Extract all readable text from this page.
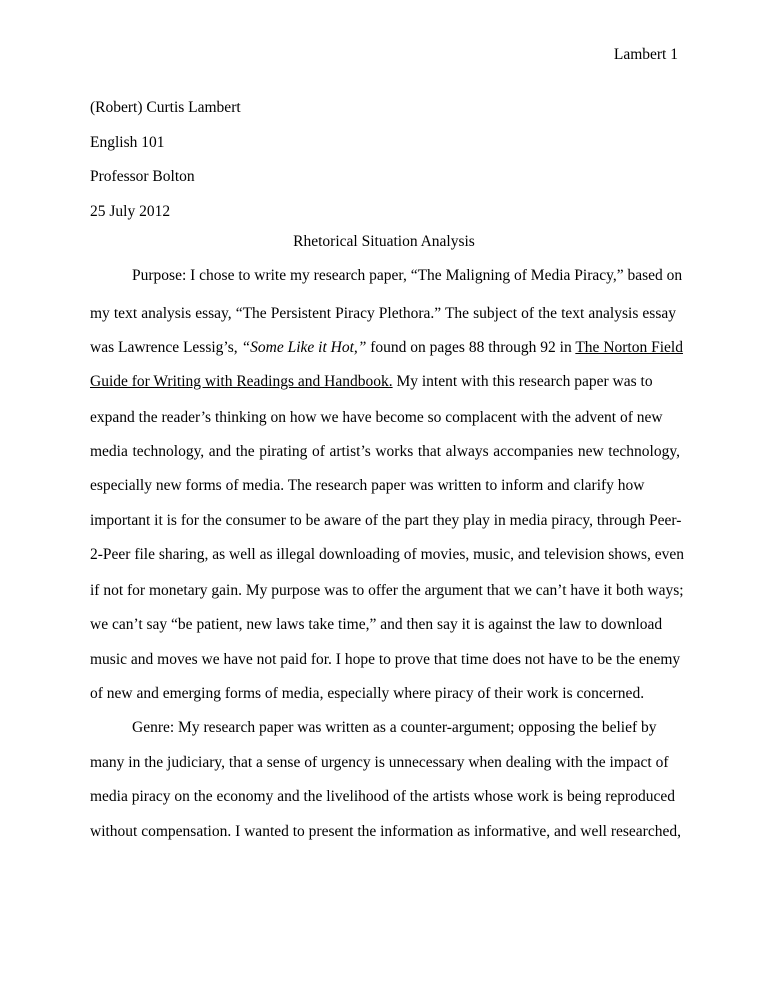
Lambert 1
(Robert) Curtis Lambert
English 101
Professor Bolton
25 July 2012
Rhetorical Situation Analysis
Purpose: I chose to write my research paper, “The Maligning of Media Piracy,” based on
my text analysis essay, “The Persistent Piracy Plethora.” The subject of the text analysis essay
was Lawrence Lessig’s, “Some Like it Hot,” found on pages 88 through 92 in The Norton Field
Guide for Writing with Readings and Handbook. My intent with this research paper was to
expand the reader’s thinking on how we have become so complacent with the advent of new
media technology, and the pirating of artist’s works that always accompanies new technology,
especially new forms of media. The research paper was written to inform and clarify how
important it is for the consumer to be aware of the part they play in media piracy, through Peer-
2-Peer file sharing, as well as illegal downloading of movies, music, and television shows, even
if not for monetary gain. My purpose was to offer the argument that we can’t have it both ways;
we can’t say “be patient, new laws take time,” and then say it is against the law to download
music and moves we have not paid for. I hope to prove that time does not have to be the enemy
of new and emerging forms of media, especially where piracy of their work is concerned.
Genre: My research paper was written as a counter-argument; opposing the belief by
many in the judiciary, that a sense of urgency is unnecessary when dealing with the impact of
media piracy on the economy and the livelihood of the artists whose work is being reproduced
without compensation. I wanted to present the information as informative, and well researched,
